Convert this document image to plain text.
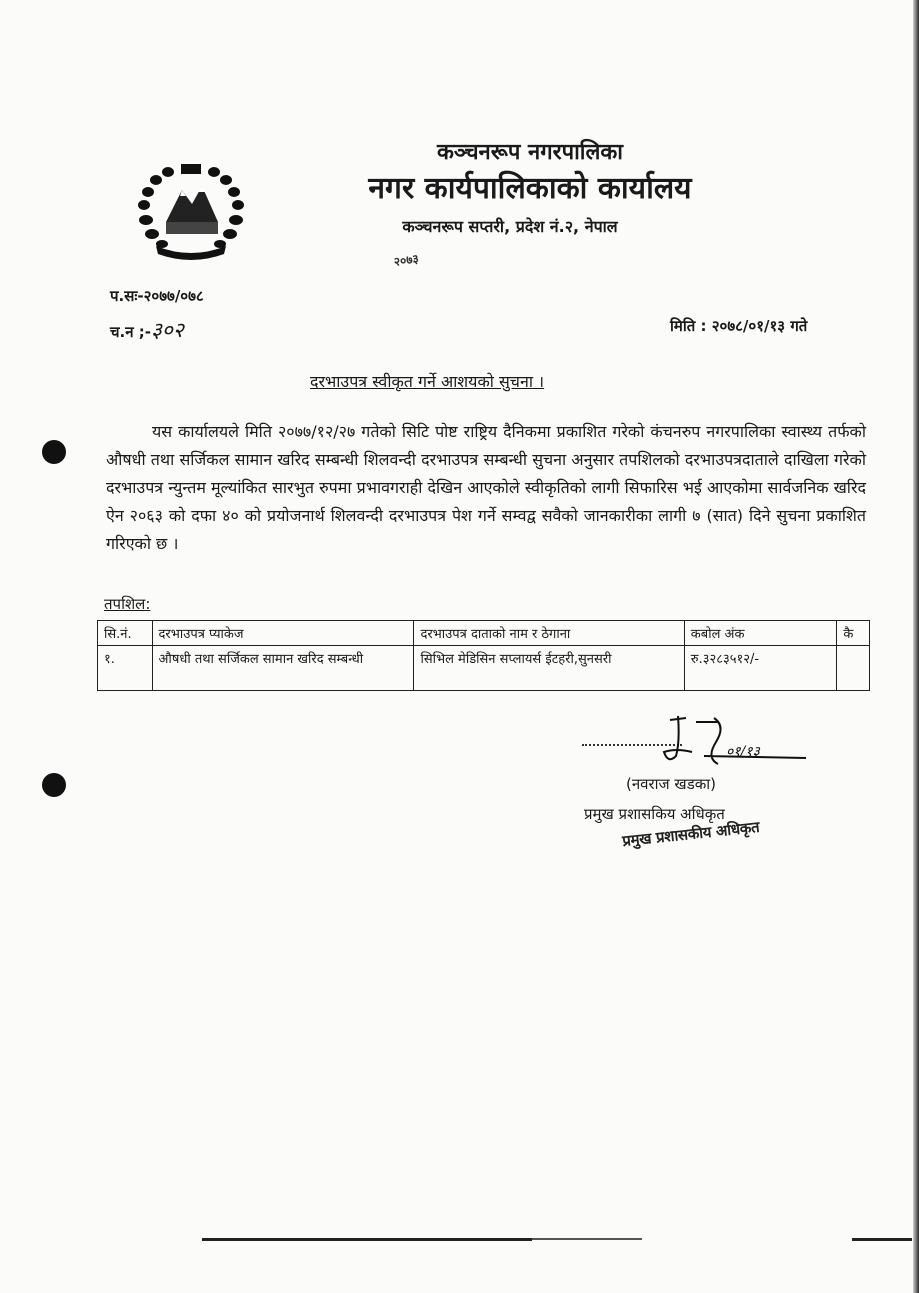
कञ्चनरूप नगरपालिका
नगर कार्यपालिकाको कार्यालय
कञ्चनरूप सप्तरी, प्रदेश नं.२, नेपाल
२०७३
प.सः-२०७७/०७८
च.न ;-३०२	मिति : २०७८/०१/१३ गते
दरभाउपत्र स्वीकृत गर्ने आशयको सुचना ।
यस कार्यालयले मिति २०७७/१२/२७ गतेको सिटि पोष्ट राष्ट्रिय दैनिकमा प्रकाशित गरेको कंचनरुप नगरपालिका स्वास्थ्य तर्फको औषधी तथा सर्जिकल सामान खरिद सम्बन्धी शिलवन्दी दरभाउपत्र सम्बन्धी सुचना अनुसार तपशिलको दरभाउपत्रदाताले दाखिला गरेको दरभाउपत्र न्युन्तम मूल्यांकित सारभुत रुपमा प्रभावगराही देखिन आएकोले स्वीकृतिको लागी सिफारिस भई आएकोमा सार्वजनिक खरिद ऐन २०६३ को दफा ४० को प्रयोजनार्थ शिलवन्दी दरभाउपत्र पेश गर्ने सम्वद्व सवैको जानकारीका लागी ७ (सात) दिने सुचना प्रकाशित गरिएको छ ।
तपशिल:
सि.नं.	दरभाउपत्र प्याकेज	दरभाउपत्र दाताको नाम र ठेगाना	कबोल अंक	कै
१.	औषधी तथा सर्जिकल सामान खरिद सम्बन्धी	सिभिल मेडिसिन सप्लायर्स ईटहरी,सुनसरी	रु.३२८३५१२/-	
०१/१३
(नवराज खडका)
प्रमुख प्रशासकिय अधिकृत
प्रमुख प्रशासकीय अधिकृत
